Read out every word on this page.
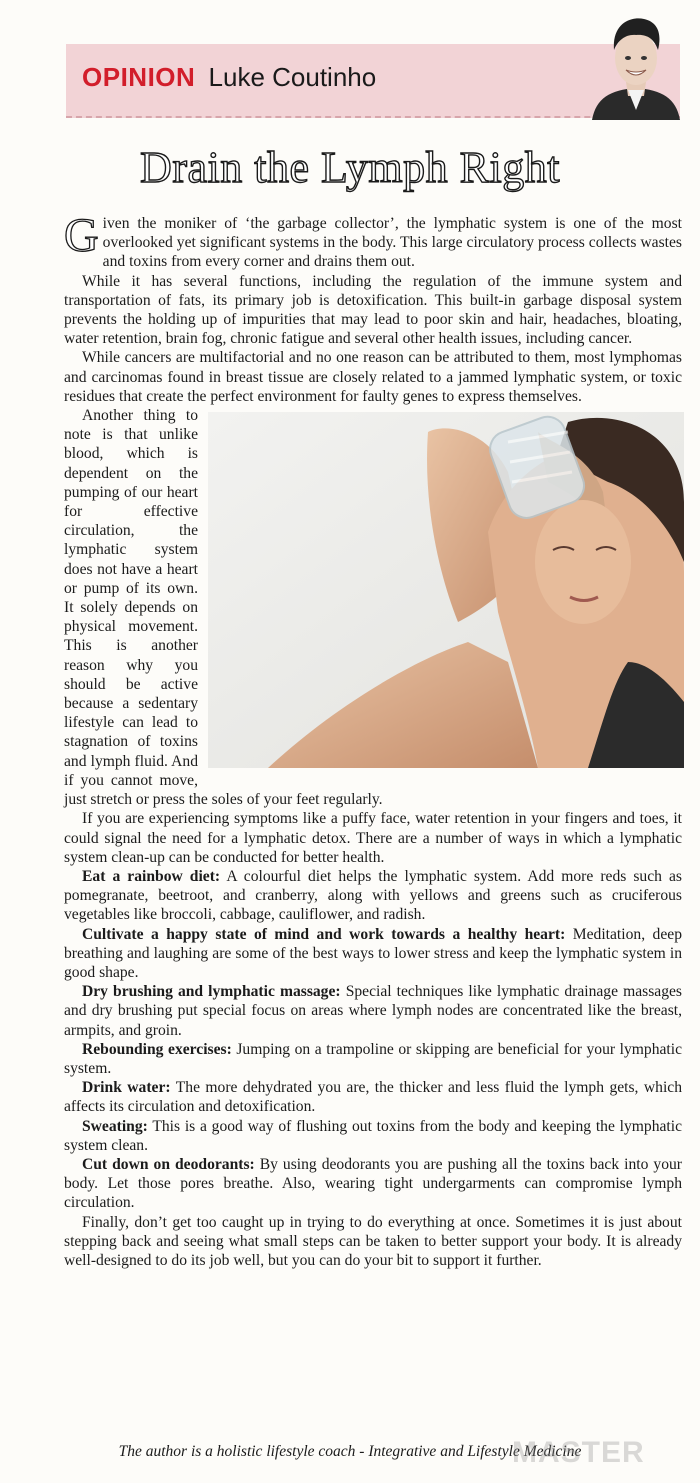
OPINION Luke Coutinho
Drain the Lymph Right

Given the moniker of ‘the garbage collector’, the lymphatic system is one of the most overlooked yet significant systems in the body. This large circulatory process collects wastes and toxins from every corner and drains them out.

While it has several functions, including the regulation of the immune system and transportation of fats, its primary job is detoxification. This built-in garbage disposal system prevents the holding up of impurities that may lead to poor skin and hair, headaches, bloating, water retention, brain fog, chronic fatigue and several other health issues, including cancer.

While cancers are multifactorial and no one reason can be attributed to them, most lymphomas and carcinomas found in breast tissue are closely related to a jammed lymphatic system, or toxic residues that create the perfect environment for faulty genes to express themselves.

Another thing to note is that unlike blood, which is dependent on the pumping of our heart for effective circulation, the lymphatic system does not have a heart or pump of its own. It solely depends on physical movement. This is another reason why you should be active because a sedentary lifestyle can lead to stagnation of toxins and lymph fluid. And if you cannot move, just stretch or press the soles of your feet regularly.

If you are experiencing symptoms like a puffy face, water retention in your fingers and toes, it could signal the need for a lymphatic detox. There are a number of ways in which a lymphatic system clean-up can be conducted for better health.

Eat a rainbow diet: A colourful diet helps the lymphatic system. Add more reds such as pomegranate, beetroot, and cranberry, along with yellows and greens such as cruciferous vegetables like broccoli, cabbage, cauliflower, and radish.

Cultivate a happy state of mind and work towards a healthy heart: Meditation, deep breathing and laughing are some of the best ways to lower stress and keep the lymphatic system in good shape.

Dry brushing and lymphatic massage: Special techniques like lymphatic drainage massages and dry brushing put special focus on areas where lymph nodes are concentrated like the breast, armpits, and groin.

Rebounding exercises: Jumping on a trampoline or skipping are beneficial for your lymphatic system.

Drink water: The more dehydrated you are, the thicker and less fluid the lymph gets, which affects its circulation and detoxification.

Sweating: This is a good way of flushing out toxins from the body and keeping the lymphatic system clean.

Cut down on deodorants: By using deodorants you are pushing all the toxins back into your body. Let those pores breathe. Also, wearing tight undergarments can compromise lymph circulation.

Finally, don’t get too caught up in trying to do everything at once. Sometimes it is just about stepping back and seeing what small steps can be taken to better support your body. It is already well-designed to do its job well, but you can do your bit to support it further.

The author is a holistic lifestyle coach - Integrative and Lifestyle Medicine
MASTER
